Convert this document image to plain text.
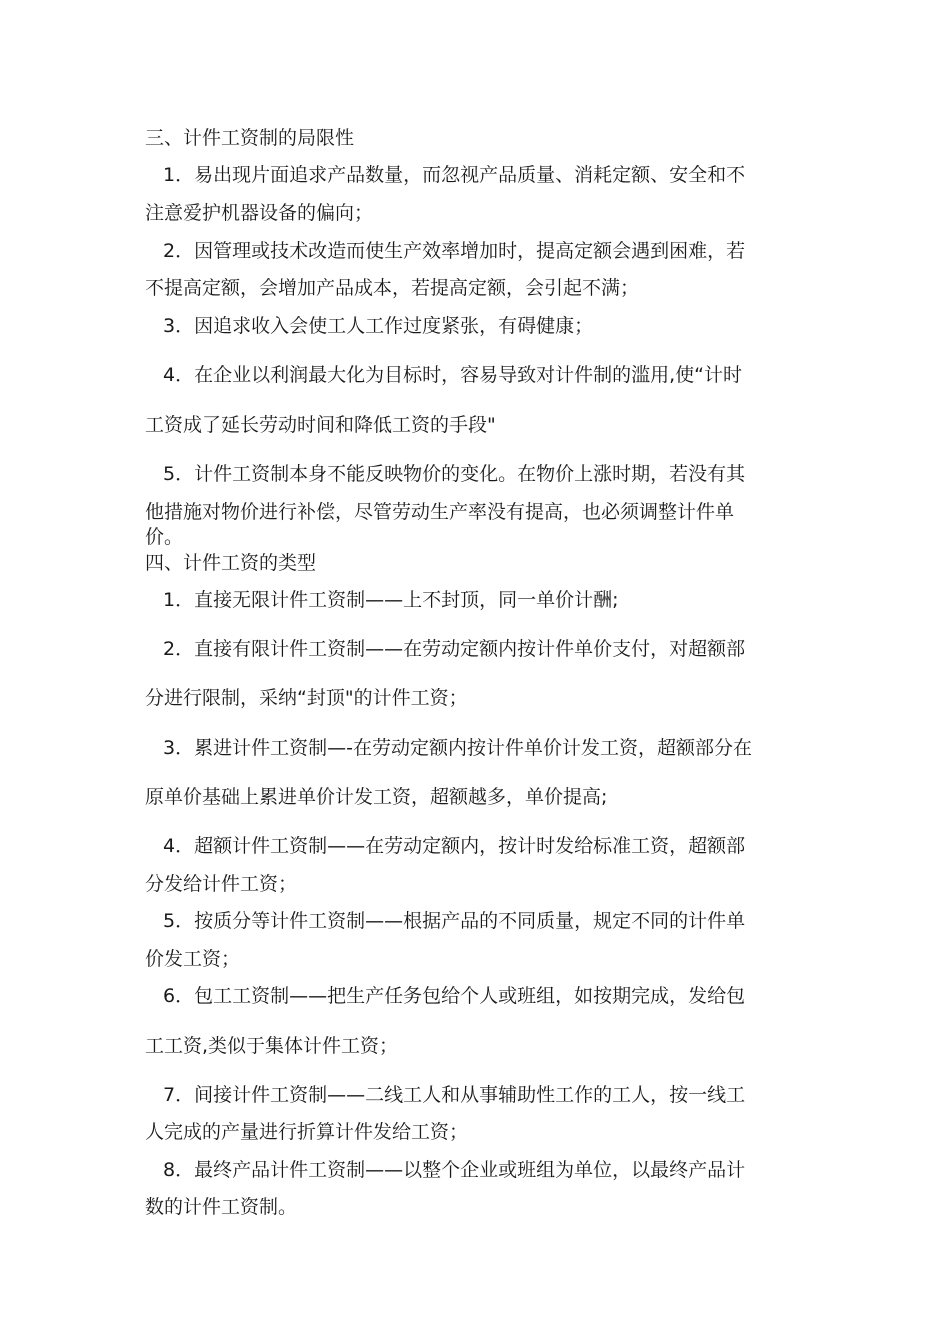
三、计件工资制的局限性
1．易出现片面追求产品数量，而忽视产品质量、消耗定额、安全和不
注意爱护机器设备的偏向；
2．因管理或技术改造而使生产效率增加时，提高定额会遇到困难，若
不提高定额，会增加产品成本，若提高定额，会引起不满；
3．因追求收入会使工人工作过度紧张，有碍健康；
4．在企业以利润最大化为目标时，容易导致对计件制的滥用,使“计时
工资成了延长劳动时间和降低工资的手段"
5．计件工资制本身不能反映物价的变化。在物价上涨时期，若没有其
他措施对物价进行补偿，尽管劳动生产率没有提高，也必须调整计件单
价。
四、计件工资的类型
1．直接无限计件工资制——上不封顶，同一单价计酬;
2．直接有限计件工资制——在劳动定额内按计件单价支付，对超额部
分进行限制，采纳“封顶"的计件工资；
3．累进计件工资制—-在劳动定额内按计件单价计发工资，超额部分在
原单价基础上累进单价计发工资，超额越多，单价提高;
4．超额计件工资制——在劳动定额内，按计时发给标准工资，超额部
分发给计件工资；
5．按质分等计件工资制——根据产品的不同质量，规定不同的计件单
价发工资；
6．包工工资制——把生产任务包给个人或班组，如按期完成，发给包
工工资,类似于集体计件工资；
7．间接计件工资制——二线工人和从事辅助性工作的工人，按一线工
人完成的产量进行折算计件发给工资；
8．最终产品计件工资制——以整个企业或班组为单位，以最终产品计
数的计件工资制。
